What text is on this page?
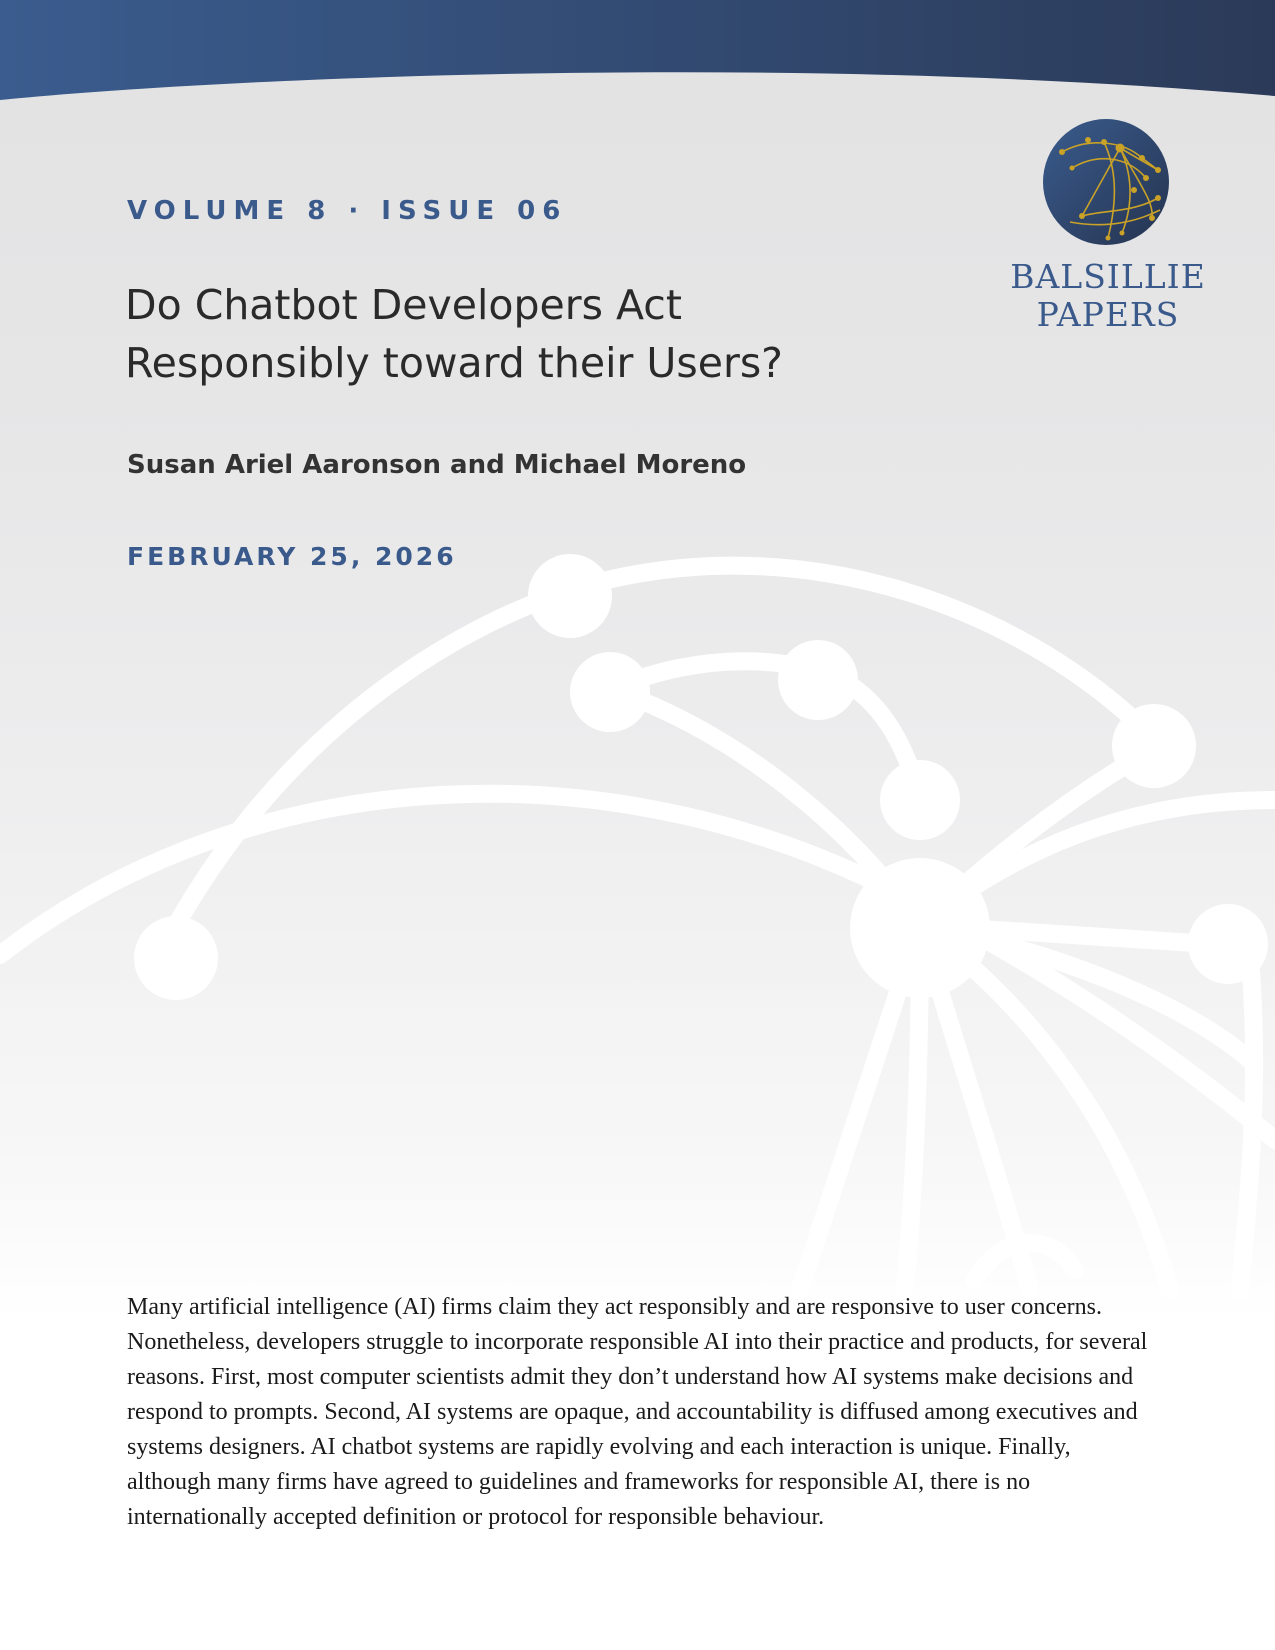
VOLUME 8 · ISSUE 06

Do Chatbot Developers Act
Responsibly toward their Users?

Susan Ariel Aaronson and Michael Moreno

FEBRUARY 25, 2026

BALSILLIE
PAPERS

Many artificial intelligence (AI) firms claim they act responsibly and are responsive to user concerns. Nonetheless, developers struggle to incorporate responsible AI into their practice and products, for several reasons. First, most computer scientists admit they don’t understand how AI systems make decisions and respond to prompts. Second, AI systems are opaque, and accountability is diffused among executives and systems designers. AI chatbot systems are rapidly evolving and each interaction is unique. Finally, although many firms have agreed to guidelines and frameworks for responsible AI, there is no internationally accepted definition or protocol for responsible behaviour.
